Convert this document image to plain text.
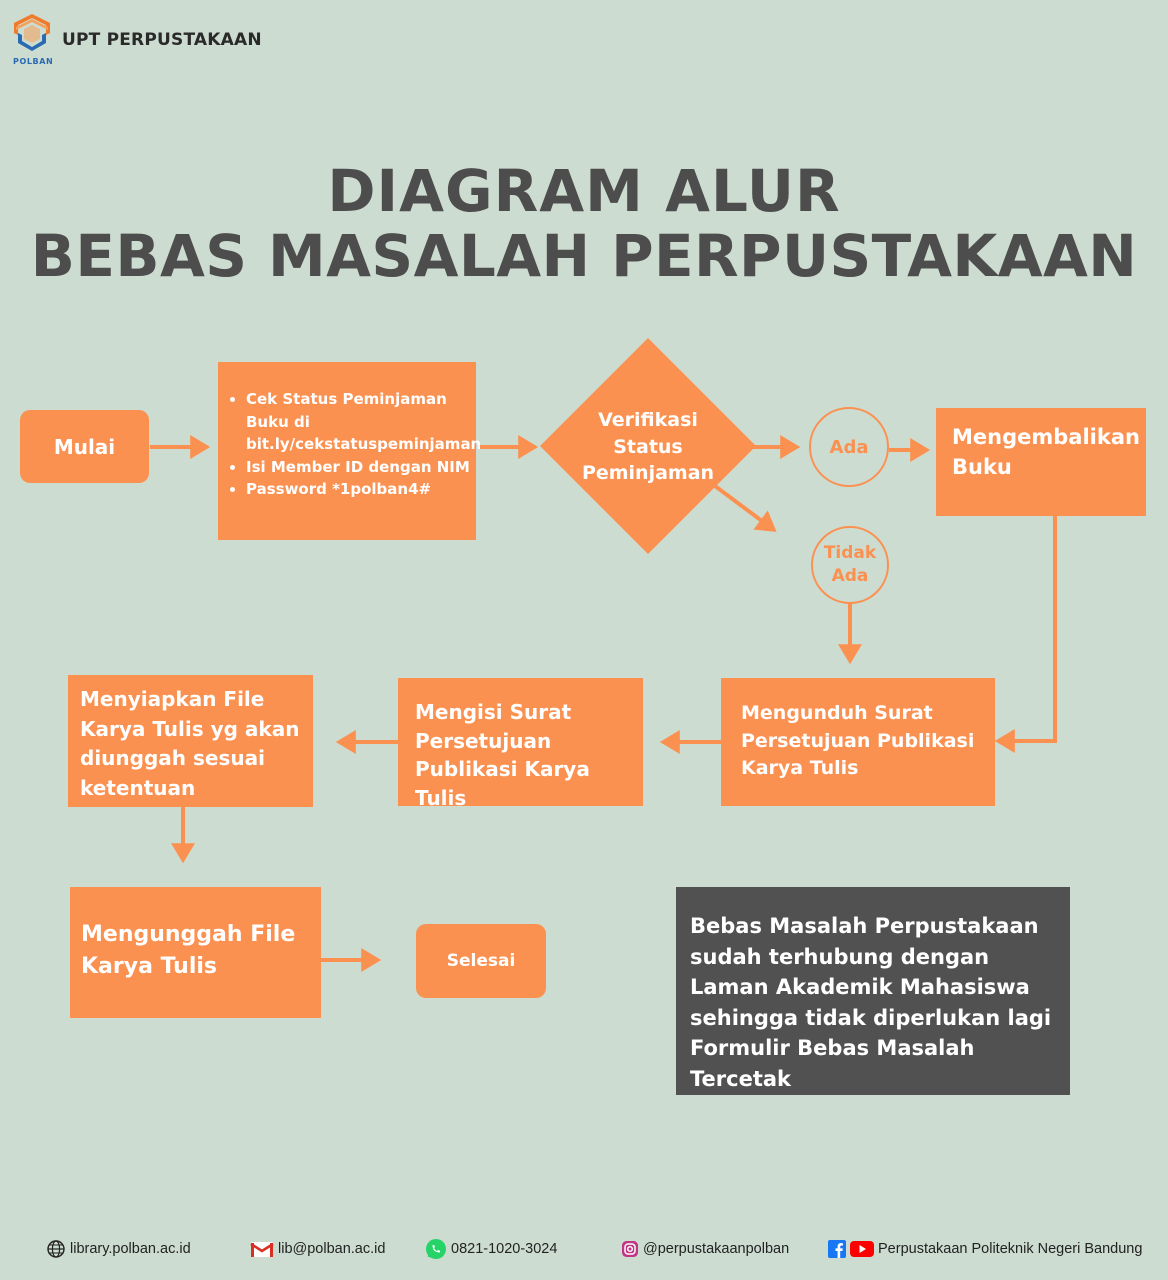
POLBAN
UPT PERPUSTAKAAN
DIAGRAM ALUR
BEBAS MASALAH PERPUSTAKAAN
Mulai
• Cek Status Peminjaman Buku di bit.ly/cekstatuspeminjaman
• Isi Member ID dengan NIM
• Password *1polban4#
Verifikasi Status Peminjaman
Ada
Tidak Ada
Mengembalikan Buku
Mengunduh Surat Persetujuan Publikasi Karya Tulis
Mengisi Surat Persetujuan Publikasi Karya Tulis
Menyiapkan File Karya Tulis yg akan diunggah sesuai ketentuan
Mengunggah File Karya Tulis	Selesai
Bebas Masalah Perpustakaan sudah terhubung dengan Laman Akademik Mahasiswa sehingga tidak diperlukan lagi Formulir Bebas Masalah Tercetak
library.polban.ac.id	lib@polban.ac.id	0821-1020-3024	@perpustakaanpolban	Perpustakaan Politeknik Negeri Bandung
